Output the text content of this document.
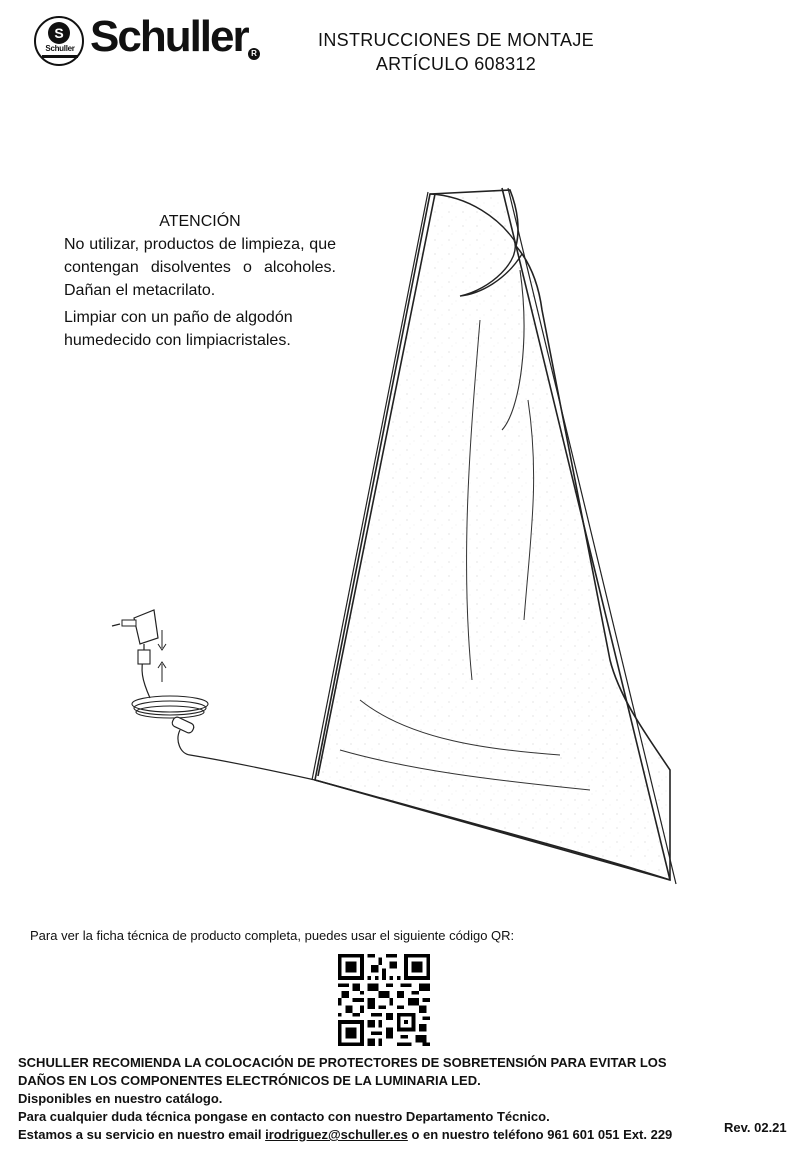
S
Schuller Schuller R
INSTRUCCIONES DE MONTAJE
ARTÍCULO 608312
ATENCIÓN
No utilizar, productos de limpieza, que contengan disolventes o alcoholes. Dañan el metacrilato.
Limpiar con un paño de algodón humedecido con limpiacristales.
Para ver la ficha técnica de producto completa, puedes usar el siguiente código QR:
SCHULLER RECOMIENDA LA COLOCACIÓN DE PROTECTORES DE SOBRETENSIÓN PARA EVITAR LOS
DAÑOS EN LOS COMPONENTES ELECTRÓNICOS DE LA LUMINARIA LED.
Disponibles en nuestro catálogo.
Para cualquier duda técnica pongase en contacto con nuestro Departamento Técnico.
Estamos a su servicio en nuestro email irodriguez@schuller.es o en nuestro teléfono 961 601 051 Ext. 229	Rev. 02.21
